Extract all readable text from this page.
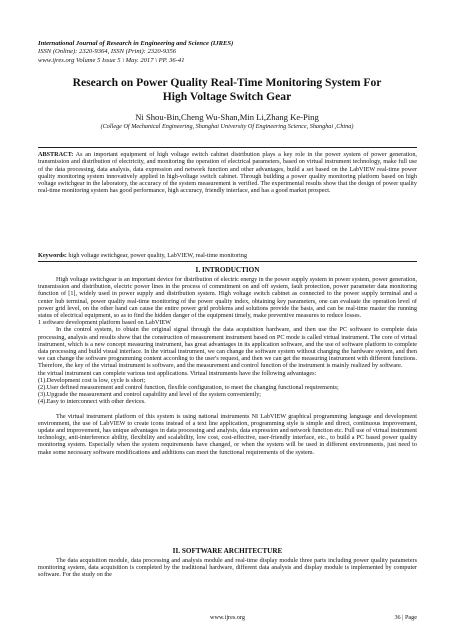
International Journal of Research in Engineering and Science (IJRES)
ISSN (Online): 2320-9364, ISSN (Print): 2320-9356
www.ijres.org Volume 5 Issue 5 \ May. 2017 \ PP. 36-41
Research on Power Quality Real-Time Monitoring System For
High Voltage Switch Gear
Ni Shou-Bin,Cheng Wu-Shan,Min Li,Zhang Ke-Ping
(College Of Mechanical Engineering, Shanghai University Of Engineering Science, Shanghai ,China)
ABSTRACT: As an important equipment of high voltage switch cabinet distribution plays a key role in the power system of power generation, transmission and distribution of electricity, and monitoring the operation of electrical parameters, based on virtual instrument technology, make full use of the data processing, data analysis, data expression and network function and other advantages, build a set based on the LabVIEW real-time power quality monitoring system innovatively applied in high-voltage switch cabinet. Through building a power quality monitoring platform based on high voltage switchgear in the laboratory, the accuracy of the system measurement is verified. The experimental results show that the design of power quality real-time monitoring system has good performance, high accuracy, friendly interface, and has a good market prospect.
Keywords: high voltage switchgear, power quality, LabVIEW, real-time monitoring
I. INTRODUCTION

High voltage switchgear is an important device for distribution of electric energy in the power supply system in power system, power generation, transmission and distribution, electric power lines in the process of commitment on and off system, fault protection, power parameter data monitoring function of [1], widely used in power supply and distribution system. High voltage switch cabinet as connected to the power supply terminal and a center hub terminal, power quality real-time monitoring of the power quality index, obtaining key parameters, one can evaluate the operation level of power grid level, on the other hand can cause the entire power grid problems and solutions provide the basis, and can be real-time master the running status of electrical equipment, so as to find the hidden danger of the equipment timely, make preventive measures to reduce losses.

1 software development platform based on LabVIEW

In the control system, to obtain the original signal through the data acquisition hardware, and then use the PC software to complete data processing, analysis and results show that the construction of measurement instrument based on PC mode is called virtual instrument. The core of virtual instrument, which is a new concept measuring instrument, has great advantages in its application software, and the use of software platform to complete data processing and build visual interface. In the virtual instrument, we can change the software system without changing the hardware system, and then we can change the software programming content according to the user's request, and then we can get the measuring instrument with different functions. Therefore, the key of the virtual instrument is software, and the measurement and control function of the instrument is mainly realized by software.

the virtual instrument can complete various test applications. Virtual instruments have the following advantages:

(1).Development cost is low, cycle is short;

(2).User defined measurement and control function, flexible configuration, to meet the changing functional requirements;

(3).Upgrade the measurement and control capability and level of the system conveniently;

(4).Easy to interconnect with other devices.

The virtual instrument platform of this system is using national instruments NI LabVIEW graphical programming language and development environment, the use of LabVIEW to create icons instead of a text line application, programming style is simple and direct, continuous improvement, update and improvement, has unique advantages in data processing and analysis, data expression and network function etc. Full use of virtual instrument technology, anti-interference ability, flexibility and scalability, low cost, cost-effective, user-friendly interface, etc., to build a PC based power quality monitoring system. Especially when the system requirements have changed, or when the system will be used in different environments, just need to make some necessary software modifications and additions can meet the functional requirements of the system.

II. SOFTWARE ARCHITECTURE

The data acquisition module, data processing and analysis module and real-time display module three parts including power quality parameters monitoring system, data acquisition is completed by the traditional hardware, different data analysis and display module is implemented by computer software. For the study on the

www.ijres.org	36 | Page
